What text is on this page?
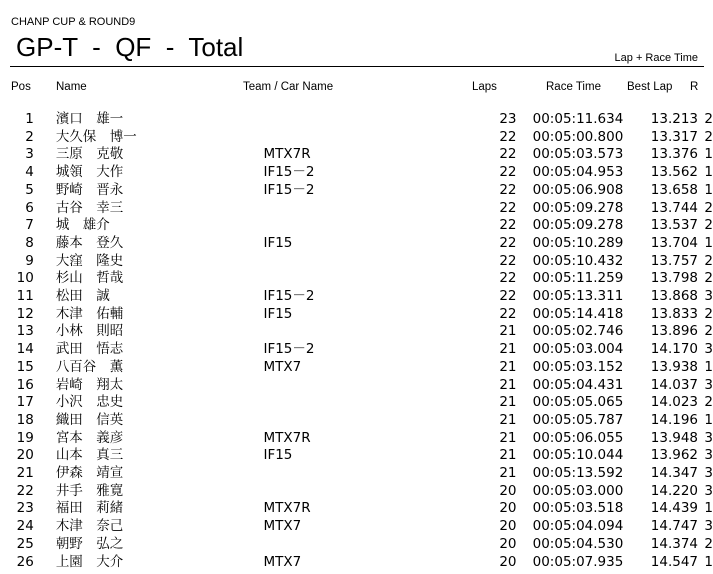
CHANP CUP & ROUND9
GP-T  -  QF  -  Total	Lap + Race Time
Pos Name	Team / Car Name	Laps	Race Time Best Lap R
1	濱口　雄一		23	00:05:11.634	13.213	2
2	大久保　博一		22	00:05:00.800	13.317	2
3	三原　克敬	MTX7R	22	00:05:03.573	13.376	1
4	城領　大作	IF15－2	22	00:05:04.953	13.562	1
5	野崎　晋永	IF15－2	22	00:05:06.908	13.658	1
6	古谷　幸三		22	00:05:09.278	13.744	2
7	城　雄介		22	00:05:09.278	13.537	2
8	藤本　登久	IF15	22	00:05:10.289	13.704	1
9	大窪　隆史		22	00:05:10.432	13.757	2
10	杉山　哲哉		22	00:05:11.259	13.798	2
11	松田　誠	IF15－2	22	00:05:13.311	13.868	3
12	木津　佑輔	IF15	22	00:05:14.418	13.833	2
13	小林　則昭		21	00:05:02.746	13.896	2
14	武田　悟志	IF15－2	21	00:05:03.004	14.170	3
15	八百谷　薫	MTX7	21	00:05:03.152	13.938	1
16	岩崎　翔太		21	00:05:04.431	14.037	3
17	小沢　忠史		21	00:05:05.065	14.023	2
18	織田　信英		21	00:05:05.787	14.196	1
19	宮本　義彦	MTX7R	21	00:05:06.055	13.948	3
20	山本　真三	IF15	21	00:05:10.044	13.962	3
21	伊森　靖宣		21	00:05:13.592	14.347	3
22	井手　雅寛		20	00:05:03.000	14.220	3
23	福田　莉緒	MTX7R	20	00:05:03.518	14.439	1
24	木津　奈己	MTX7	20	00:05:04.094	14.747	3
25	朝野　弘之		20	00:05:04.530	14.374	2
26	上園　大介	MTX7	20	00:05:07.935	14.547	1
